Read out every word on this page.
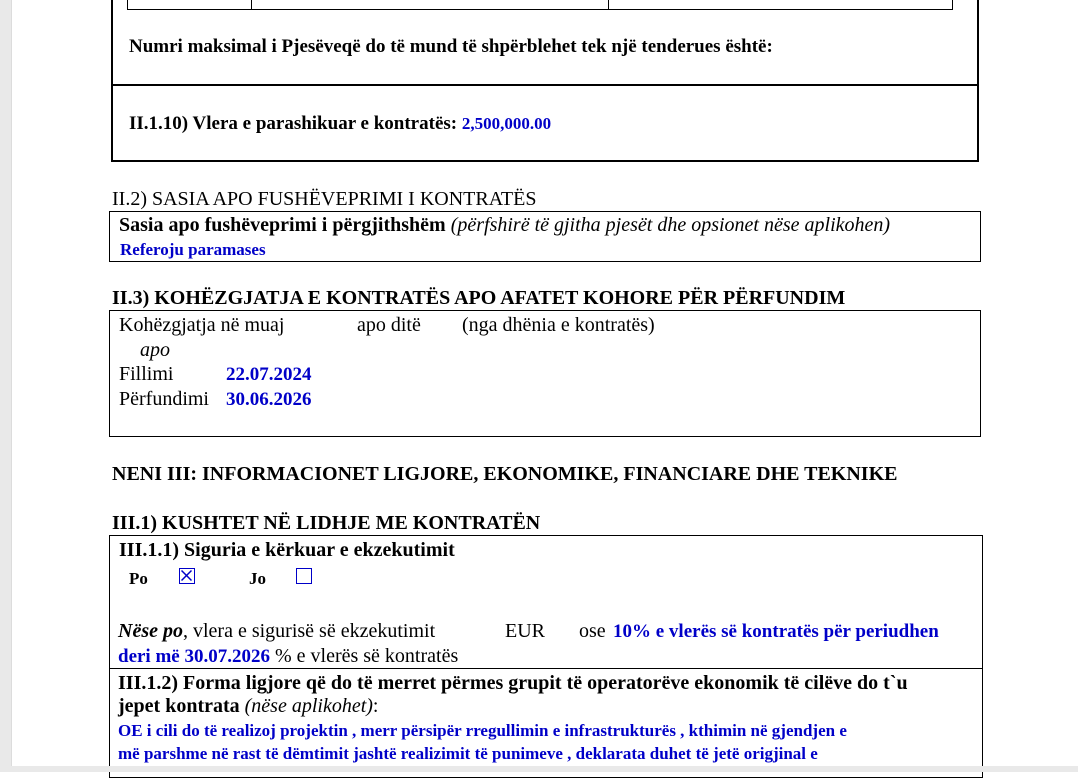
Numri maksimal i Pjesëveqë do të mund të shpërblehet tek një tenderues është:
II.1.10) Vlera e parashikuar e kontratës: 2,500,000.00
II.2) SASIA APO FUSHËVEPRIMI I KONTRATËS
Sasia apo fushëveprimi i përgjithshëm (përfshirë të gjitha pjesët dhe opsionet nëse aplikohen)
Referoju paramases
II.3) KOHËZGJATJA E KONTRATËS APO AFATET KOHORE PËR PËRFUNDIM
Kohëzgjatja në muaj	apo ditë (nga dhënia e kontratës)
apo
Fillimi	22.07.2024
Përfundimi 30.06.2026
NENI III: INFORMACIONET LIGJORE, EKONOMIKE, FINANCIARE DHE TEKNIKE
III.1) KUSHTET NË LIDHJE ME KONTRATËN
III.1.1) Siguria e kërkuar e ekzekutimit
Po	Jo
Nëse po, vlera e sigurisë së ekzekutimit	EUR ose 10% e vlerës së kontratës për periudhen
deri më 30.07.2026 % e vlerës së kontratës
III.1.2) Forma ligjore që do të merret përmes grupit të operatorëve ekonomik të cilëve do t`u
jepet kontrata (nëse aplikohet):
OE i cili do të realizoj projektin , merr përsipër rregullimin e infrastrukturës , kthimin në gjendjen e
më parshme në rast të dëmtimit jashtë realizimit të punimeve , deklarata duhet të jetë origjinal e
